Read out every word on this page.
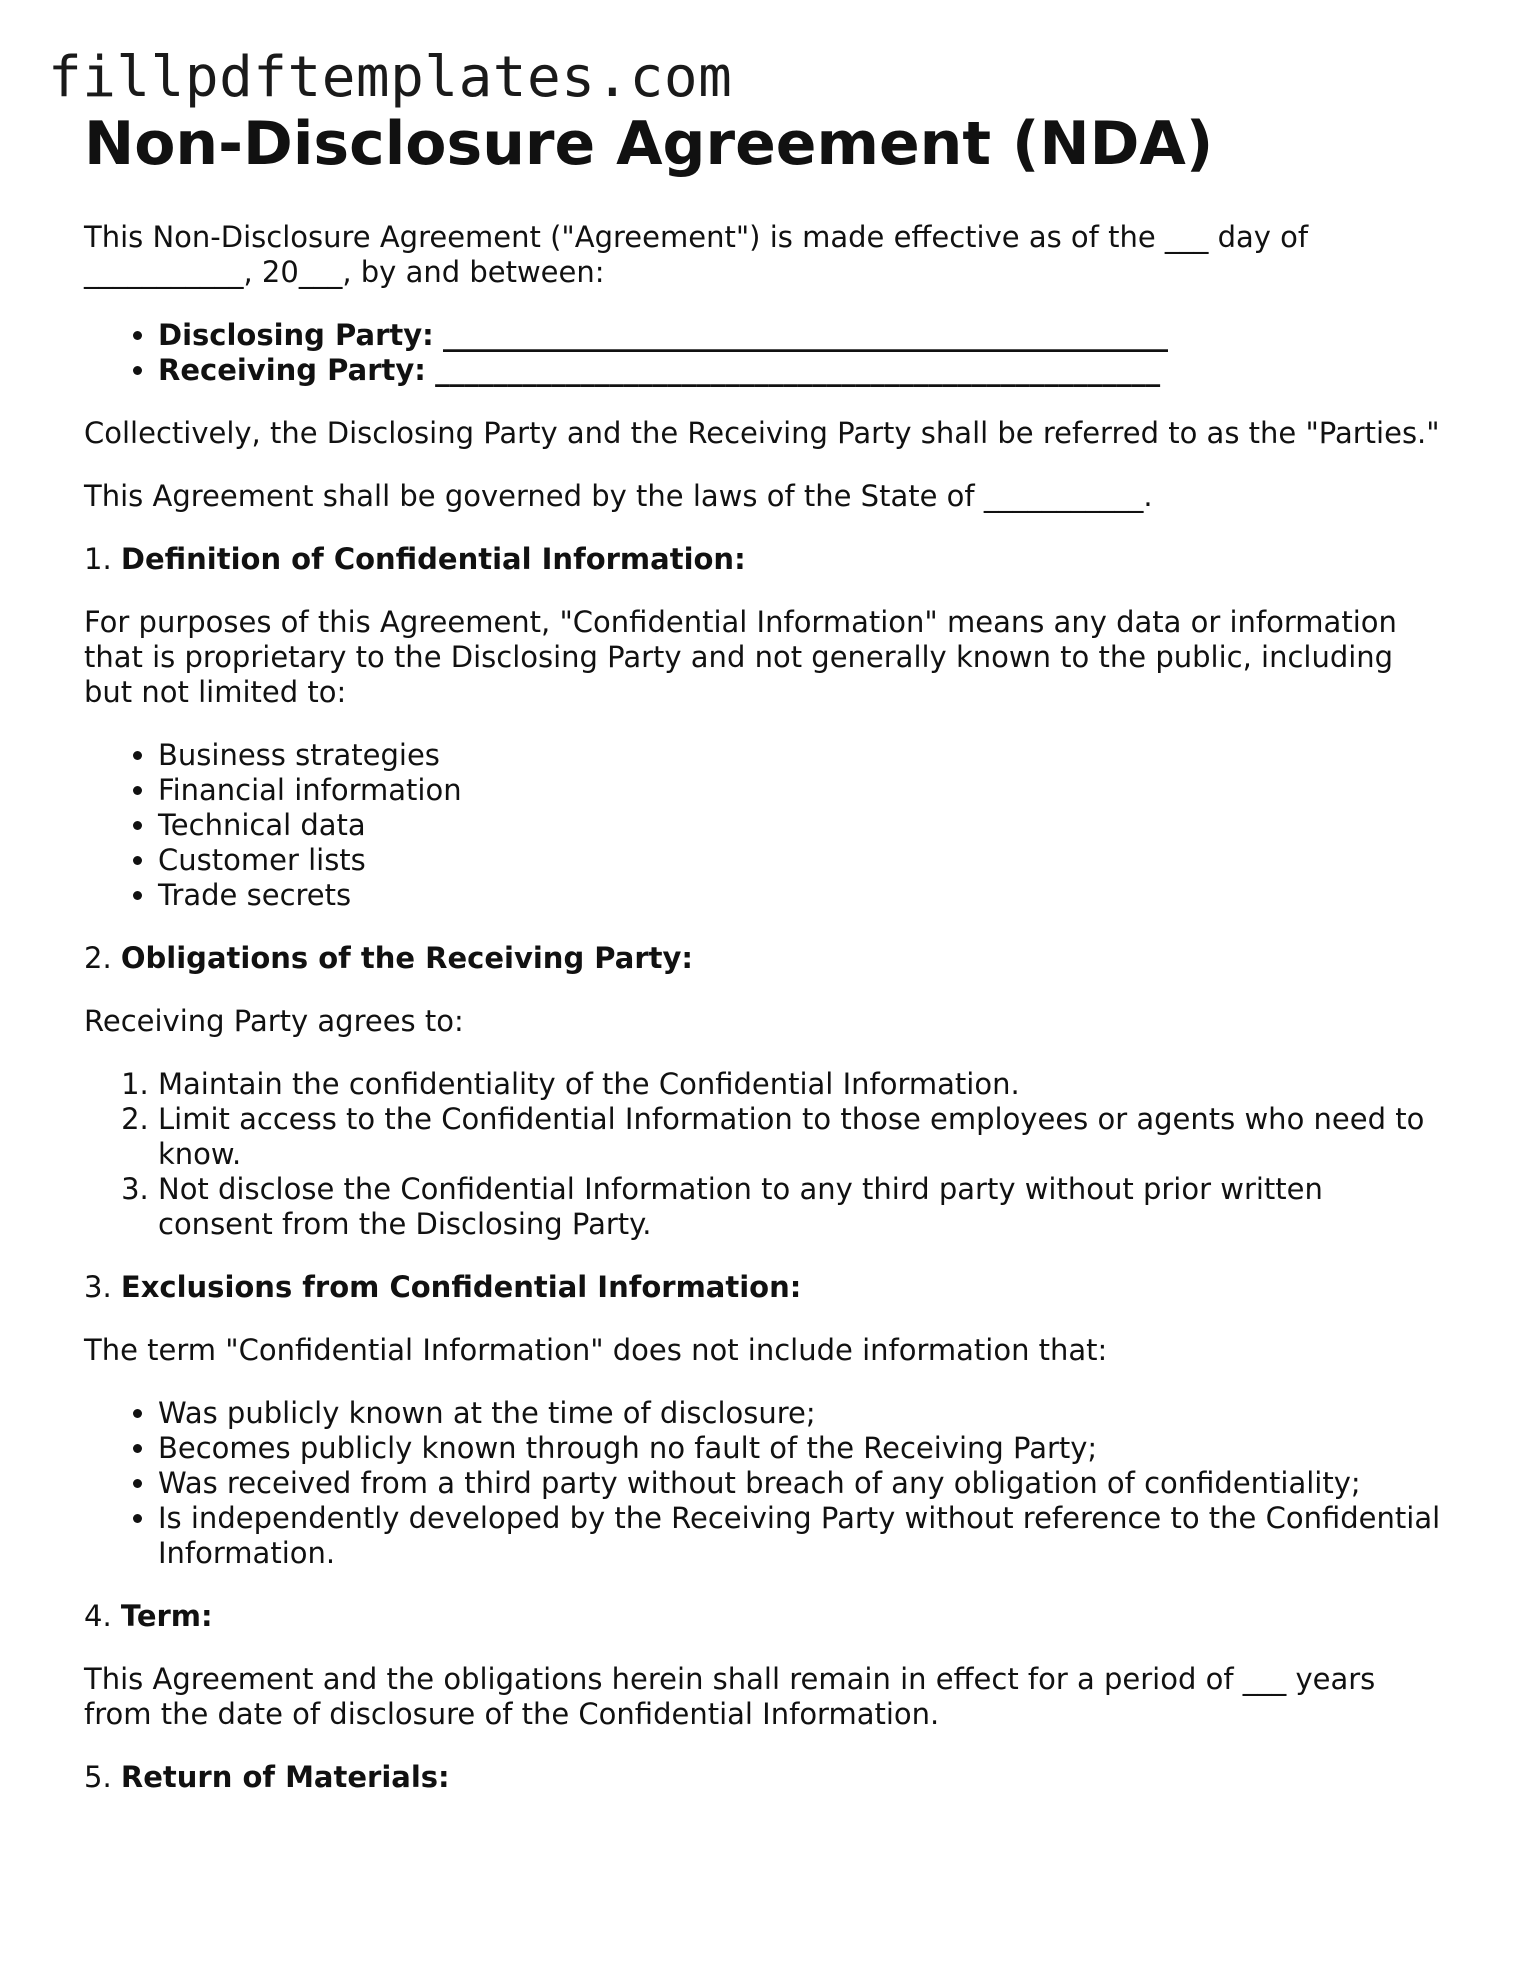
fillpdftemplates.com
Non-Disclosure Agreement (NDA)

This Non-Disclosure Agreement ("Agreement") is made effective as of the ___ day of ___________, 20___, by and between:

• Disclosing Party: __________________________________________________
• Receiving Party: __________________________________________________

Collectively, the Disclosing Party and the Receiving Party shall be referred to as the "Parties."

This Agreement shall be governed by the laws of the State of ___________.

1. Definition of Confidential Information:

For purposes of this Agreement, "Confidential Information" means any data or information that is proprietary to the Disclosing Party and not generally known to the public, including but not limited to:

• Business strategies
• Financial information
• Technical data
• Customer lists
• Trade secrets
2. Obligations of the Receiving Party:

Receiving Party agrees to:

1. Maintain the confidentiality of the Confidential Information.
2. Limit access to the Confidential Information to those employees or agents who need to know.
3. Not disclose the Confidential Information to any third party without prior written consent from the Disclosing Party.
3. Exclusions from Confidential Information:

The term "Confidential Information" does not include information that:

• Was publicly known at the time of disclosure;
• Becomes publicly known through no fault of the Receiving Party;
• Was received from a third party without breach of any obligation of confidentiality;
• Is independently developed by the Receiving Party without reference to the Confidential Information.
4. Term:

This Agreement and the obligations herein shall remain in effect for a period of ___ years from the date of disclosure of the Confidential Information.

5. Return of Materials:
